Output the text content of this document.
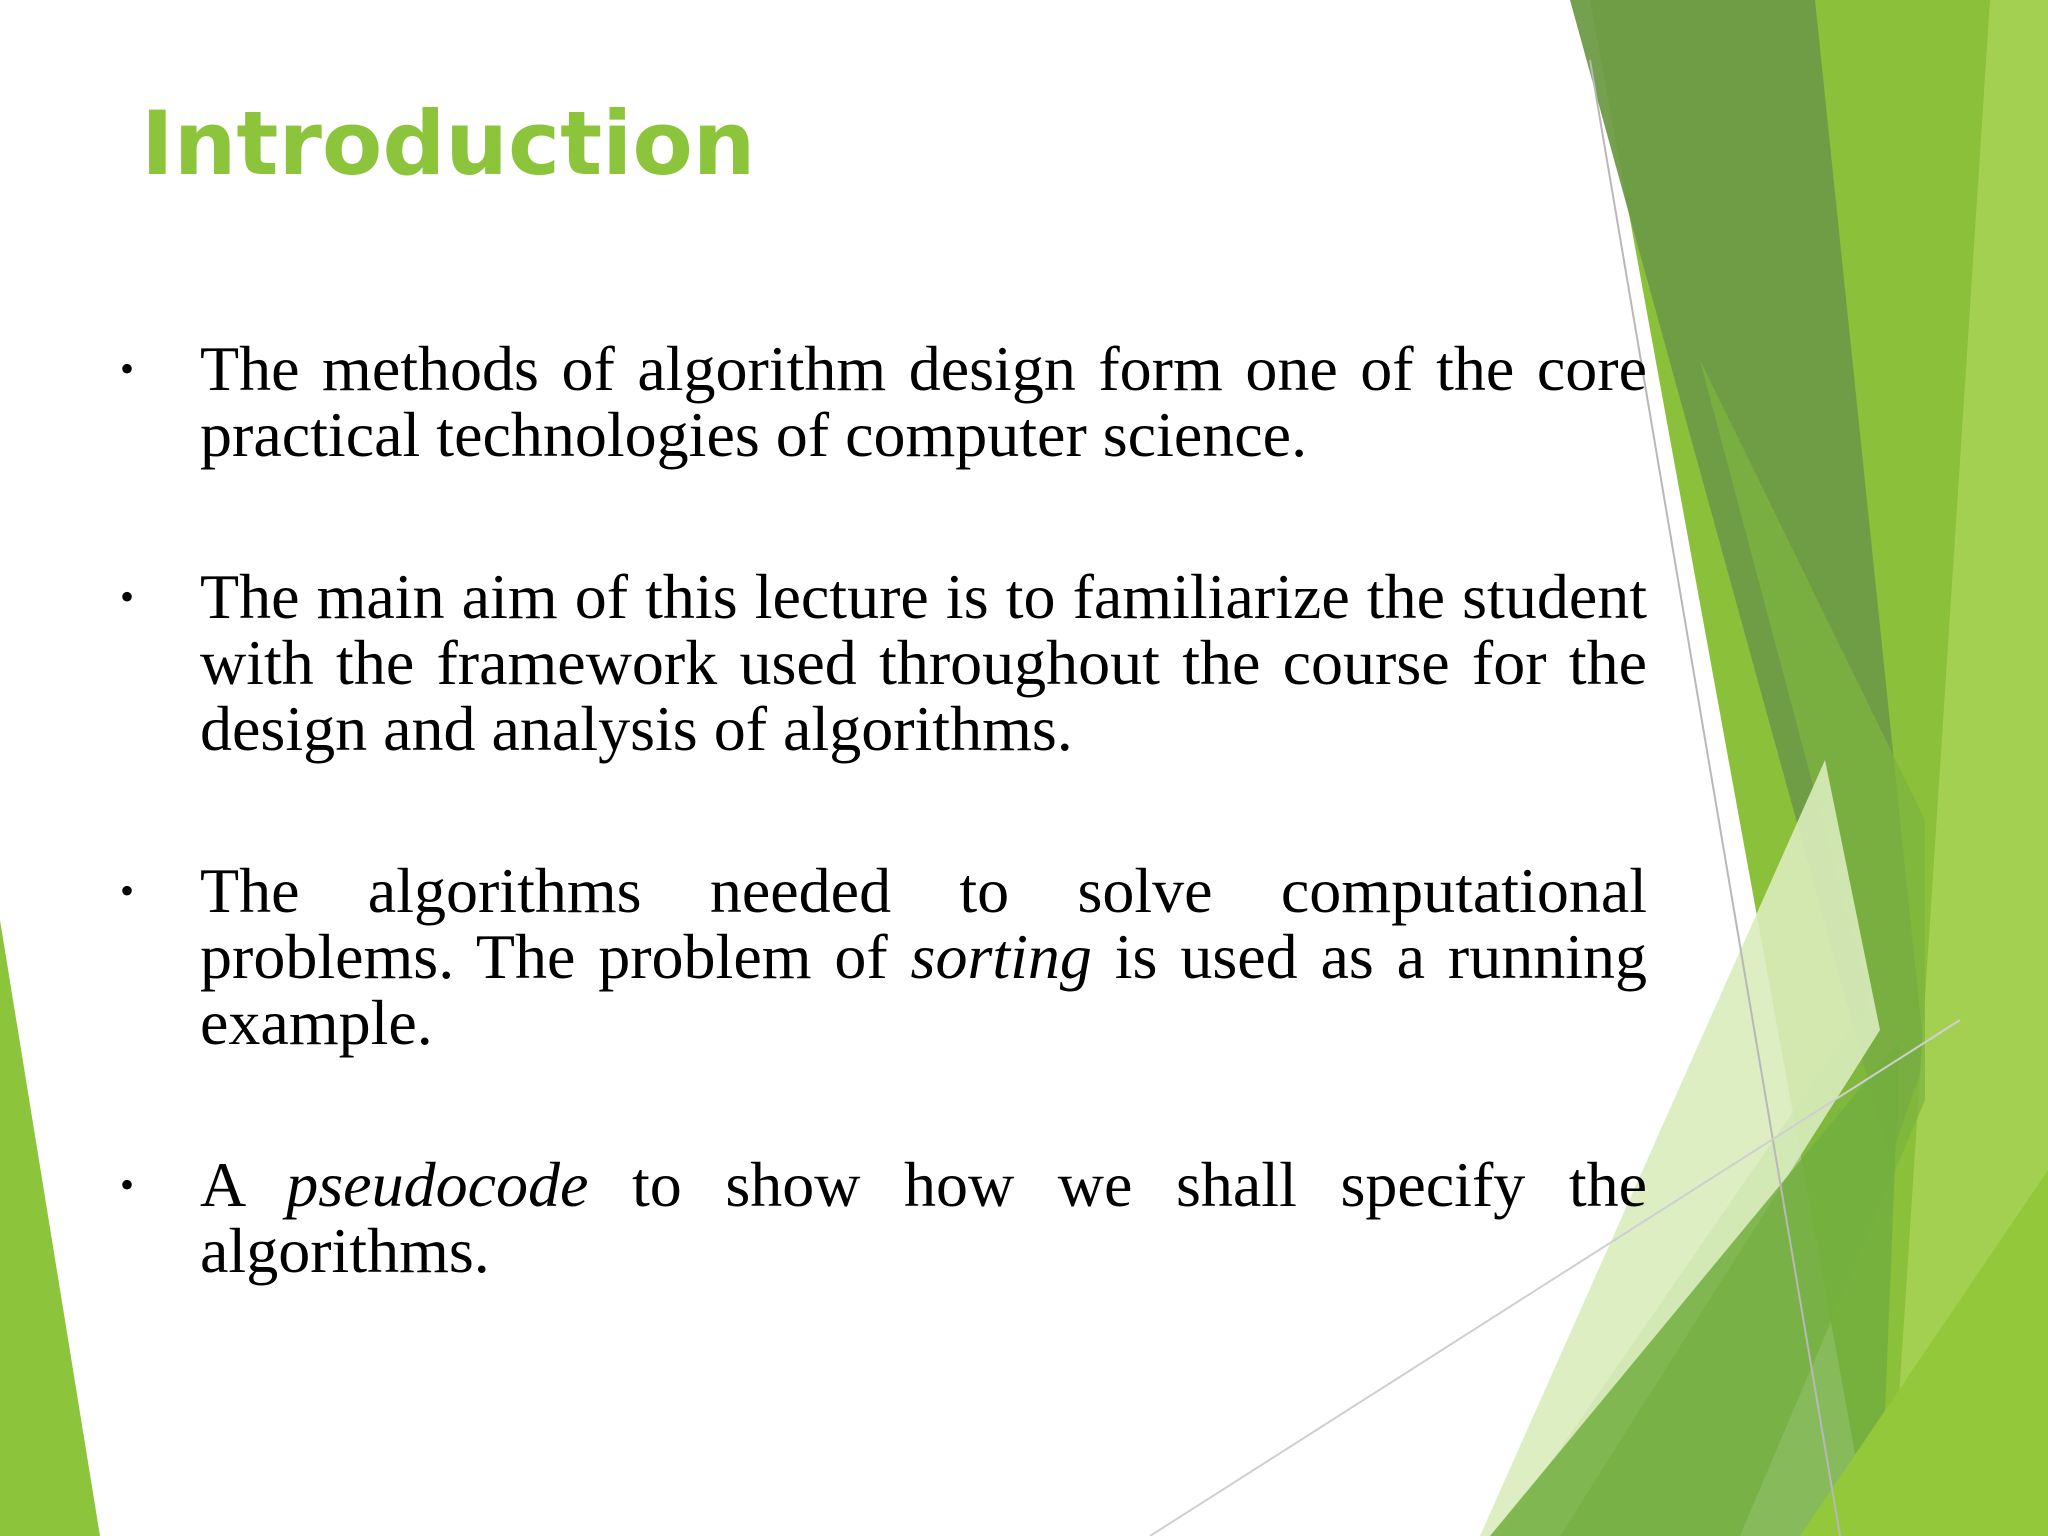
Introduction
• The methods of algorithm design form one of the core practical technologies of computer science.
• The main aim of this lecture is to familiarize the student with the framework used throughout the course for the design and analysis of algorithms.
• The algorithms needed to solve computational problems. The problem of sorting is used as a running example.
• A pseudocode to show how we shall specify the algorithms.
